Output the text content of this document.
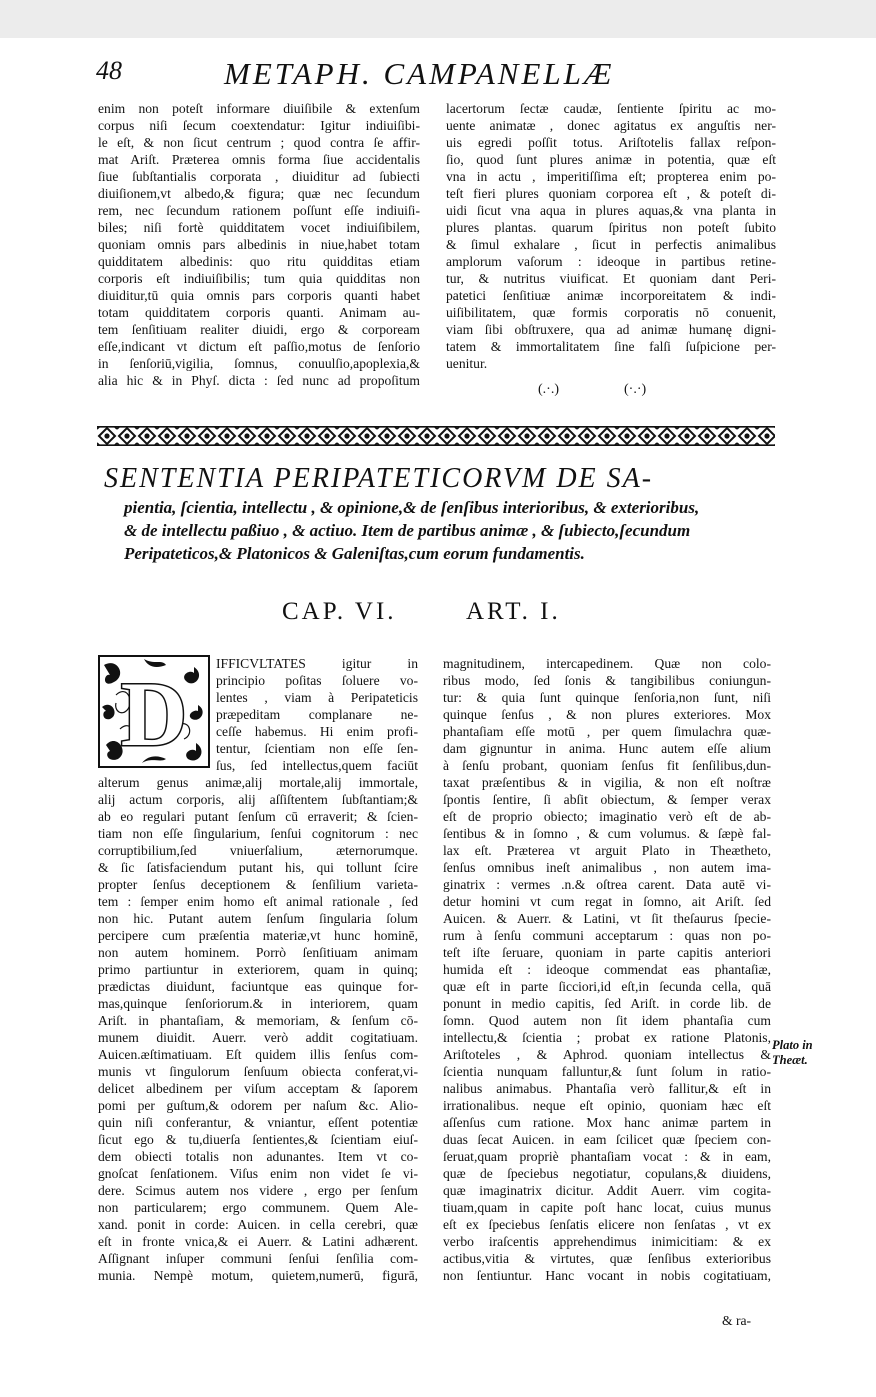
48	METAPH. CAMPANELLÆ
enim non poteſt informare diuiſibile & extenſum
corpus niſi ſecum coextendatur: Igitur indiuiſibi-
le eſt, & non ſicut centrum ; quod contra ſe affir-
mat Ariſt. Præterea omnis forma ſiue accidentalis
ſiue ſubſtantialis corporata , diuiditur ad ſubiecti
diuiſionem,vt albedo,& figura; quæ nec ſecundum
rem, nec ſecundum rationem poſſunt eſſe indiuiſi-
biles; niſi fortè quidditatem vocet indiuiſibilem,
quoniam omnis pars albedinis in niue,habet totam
quidditatem albedinis: quo ritu quidditas etiam
corporis eſt indiuiſibilis; tum quia quidditas non
diuiditur,tū quia omnis pars corporis quanti habet
totam quidditatem corporis quanti. Animam au-
tem ſenſitiuam realiter diuidi, ergo & corpoream
eſſe,indicant vt dictum eſt paſſio,motus de ſenſorio
in ſenſoriū,vigilia, ſomnus, conuulſio,apoplexia,&
alia hic & in Phyſ. dicta : ſed nunc ad propoſitum
lacertorum ſectæ caudæ, ſentiente ſpiritu ac mo-
uente animatæ , donec agitatus ex anguſtis ner-
uis egredi poſſit totus. Ariſtotelis fallax reſpon-
ſio, quod ſunt plures animæ in potentia, quæ eſt
vna in actu , imperitiſſima eſt; propterea enim po-
teſt fieri plures quoniam corporea eſt , & poteſt di-
uidi ſicut vna aqua in plures aquas,& vna planta in
plures plantas. quarum ſpiritus non poteſt ſubito
& ſimul exhalare , ſicut in perfectis animalibus
amplorum vaſorum : ideoque in partibus retine-
tur, & nutritus viuificat. Et quoniam dant Peri-
patetici ſenſitiuæ animæ incorporeitatem & indi-
uiſibilitatem, quæ formis corporatis nō conuenit,
viam ſibi obſtruxere, qua ad animæ humanę digni-
tatem & immortalitatem ſine falſi ſuſpicione per-
uenitur.
(.·.)	(·.·)
SENTENTIA PERIPATETICORVM DE SA-
pientia, ſcientia, intellectu , & opinione,& de ſenſibus interioribus, & exterioribus,
& de intellectu paßiuo , & actiuo. Item de partibus animæ , & ſubiecto,ſecundum
Peripateticos,& Platonicos & Galeniſtas,cum eorum fundamentis.
CAP. VI.	ART. I.
D	IFFICVLTATES igitur in
principio poſitas ſoluere vo-
lentes , viam à Peripateticis
præpeditam complanare ne-
ceſſe habemus. Hi enim profi-
tentur, ſcientiam non eſſe ſen-
ſus, ſed intellectus,quem faciūt
alterum genus animæ,alij mortale,alij immortale,
alij actum corporis, alij aſſiſtentem ſubſtantiam;&
ab eo regulari putant ſenſum cū erraverit; & ſcien-
tiam non eſſe ſingularium, ſenſui cognitorum : nec
corruptibilium,ſed vniuerſalium, æternorumque.
& ſic ſatisfaciendum putant his, qui tollunt ſcire
propter ſenſus deceptionem & ſenſilium varieta-
tem : ſemper enim homo eſt animal rationale , ſed
non hic. Putant autem ſenſum ſingularia ſolum
percipere cum præſentia materiæ,vt hunc hominē,
non autem hominem. Porrò ſenſitiuam animam
primo partiuntur in exteriorem, quam in quinq;
prædictas diuidunt, faciuntque eas quinque for-
mas,quinque ſenſoriorum.& in interiorem, quam
Ariſt. in phantaſiam, & memoriam, & ſenſum cō-
munem diuidit. Auerr. verò addit cogitatiuam.
Auicen.æſtimatiuam. Eſt quidem illis ſenſus com-
munis vt ſingulorum ſenſuum obiecta conferat,vi-
delicet albedinem per viſum acceptam & ſaporem
pomi per guſtum,& odorem per naſum &c. Alio-
quin niſi conferantur, & vniantur, eſſent potentiæ
ſicut ego & tu,diuerſa ſentientes,& ſcientiam eiuſ-
dem obiecti totalis non adunantes. Item vt co-
gnoſcat ſenſationem. Viſus enim non videt ſe vi-
dere. Scimus autem nos videre , ergo per ſenſum
non particularem; ergo communem. Quem Ale-
xand. ponit in corde: Auicen. in cella cerebri, quæ
eſt in fronte vnica,& ei Auerr. & Latini adhærent.
Aſſignant inſuper communi ſenſui ſenſilia com-
munia. Nempè motum, quietem,numerū, figurā,
magnitudinem, intercapedinem. Quæ non colo-
ribus modo, ſed ſonis & tangibilibus coniungun-
tur: & quia ſunt quinque ſenſoria,non ſunt, niſi
quinque ſenſus , & non plures exteriores. Mox
phantaſiam eſſe motū , per quem ſimulachra quæ-
dam gignuntur in anima. Hunc autem eſſe alium
à ſenſu probant, quoniam ſenſus fit ſenſilibus,dun-
taxat præſentibus & in vigilia, & non eſt noſtræ
ſpontis ſentire, ſi abſit obiectum, & ſemper verax
eſt de proprio obiecto; imaginatio verò eſt de ab-
ſentibus & in ſomno , & cum volumus. & ſæpè fal-
lax eſt. Præterea vt arguit Plato in Theætheto,
ſenſus omnibus ineſt animalibus , non autem ima-
ginatrix : vermes .n.& oſtrea carent. Data autē vi-
detur homini vt cum regat in ſomno, ait Ariſt. ſed
Auicen. & Auerr. & Latini, vt ſit theſaurus ſpecie-
rum à ſenſu communi acceptarum : quas non po-
teſt iſte ſeruare, quoniam in parte capitis anteriori
humida eſt : ideoque commendat eas phantaſiæ,
quæ eſt in parte ſicciori,id eſt,in ſecunda cella, quā
ponunt in medio capitis, ſed Ariſt. in corde lib. de
ſomn. Quod autem non ſit idem phantaſia cum
intellectu,& ſcientia ; probat ex ratione Platonis,
Ariſtoteles , & Aphrod. quoniam intellectus &
ſcientia nunquam falluntur,& ſunt ſolum in ratio-
nalibus animabus. Phantaſia verò fallitur,& eſt in
irrationalibus. neque eſt opinio, quoniam hæc eſt
aſſenſus cum ratione. Mox hanc animæ partem in
duas ſecat Auicen. in eam ſcilicet quæ ſpeciem con-
ſeruat,quam propriè phantaſiam vocat : & in eam,
quæ de ſpeciebus negotiatur, copulans,& diuidens,
quæ imaginatrix dicitur. Addit Auerr. vim cogita-
tiuam,quam in capite poſt hanc locat, cuius munus
eſt ex ſpeciebus ſenſatis elicere non ſenſatas , vt ex
verbo iraſcentis apprehendimus inimicitiam: & ex
actibus,vitia & virtutes, quæ ſenſibus exterioribus
non ſentiuntur. Hanc vocant in nobis cogitatiuam,
Plato in
Theæt.
& ra-
